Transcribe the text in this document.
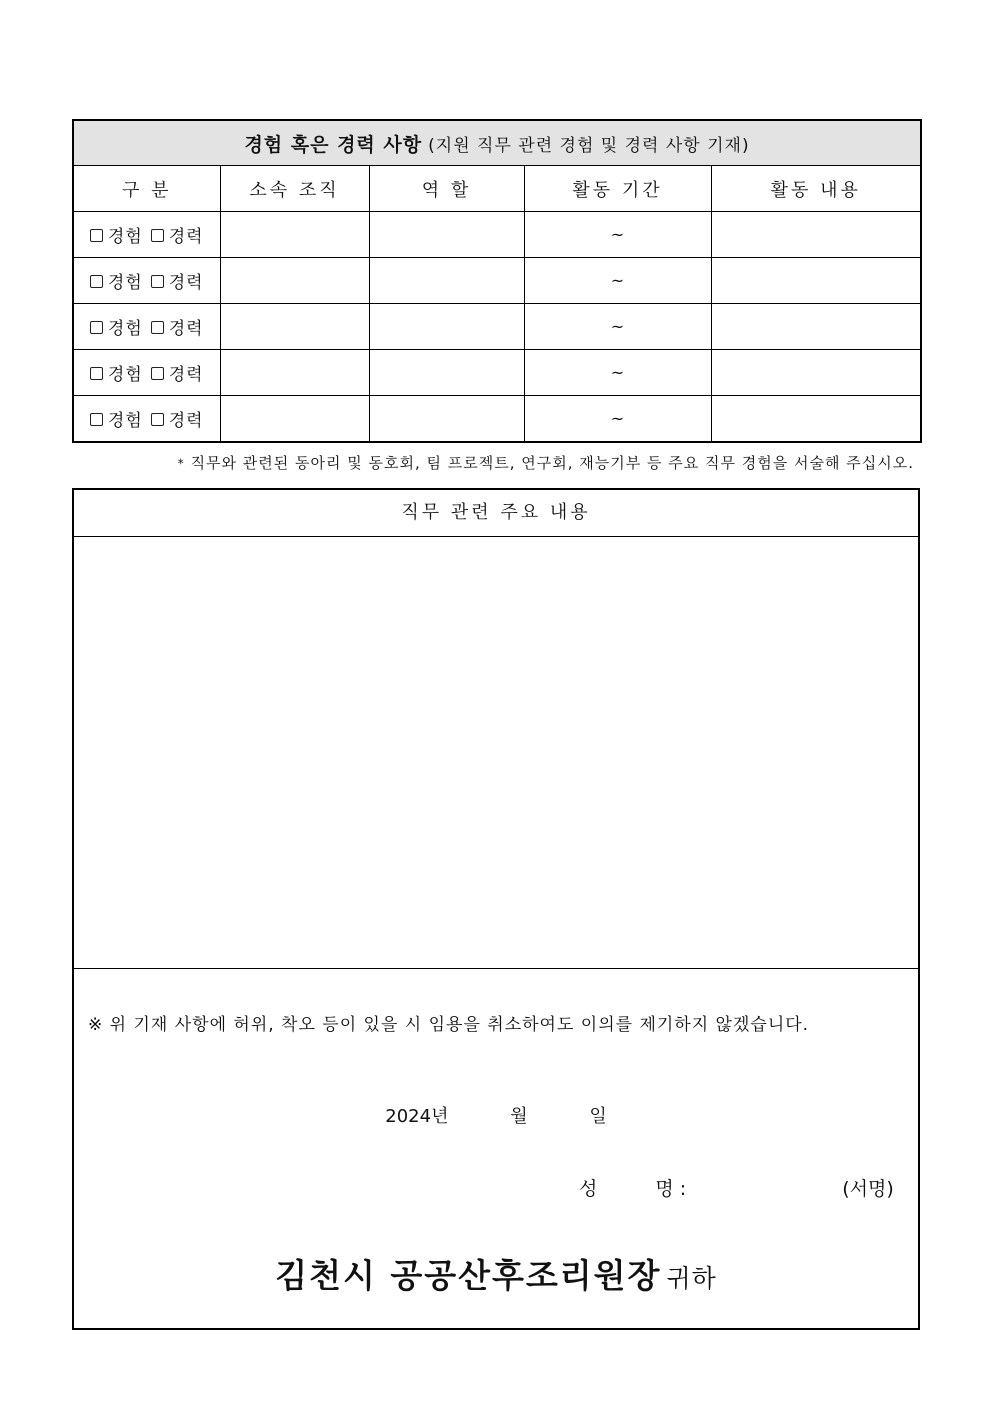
경험 혹은 경력 사항 (지원 직무 관련 경험 및 경력 사항 기재)				
구 분	소속 조직	역 할	활동 기간	활동 내용
경험 경력			~	
경험 경력			~	
경험 경력			~	
경험 경력			~	
경험 경력			~	
* 직무와 관련된 동아리 및 동호회, 팀 프로젝트, 연구회, 재능기부 등 주요 직무 경험을 서술해 주십시오.
직무 관련 주요 내용
※ 위 기재 사항에 허위, 착오 등이 있을 시 임용을 취소하여도 이의를 제기하지 않겠습니다.
2024년	월	일
성	명 :	(서명)
김천시 공공산후조리원장 귀하
